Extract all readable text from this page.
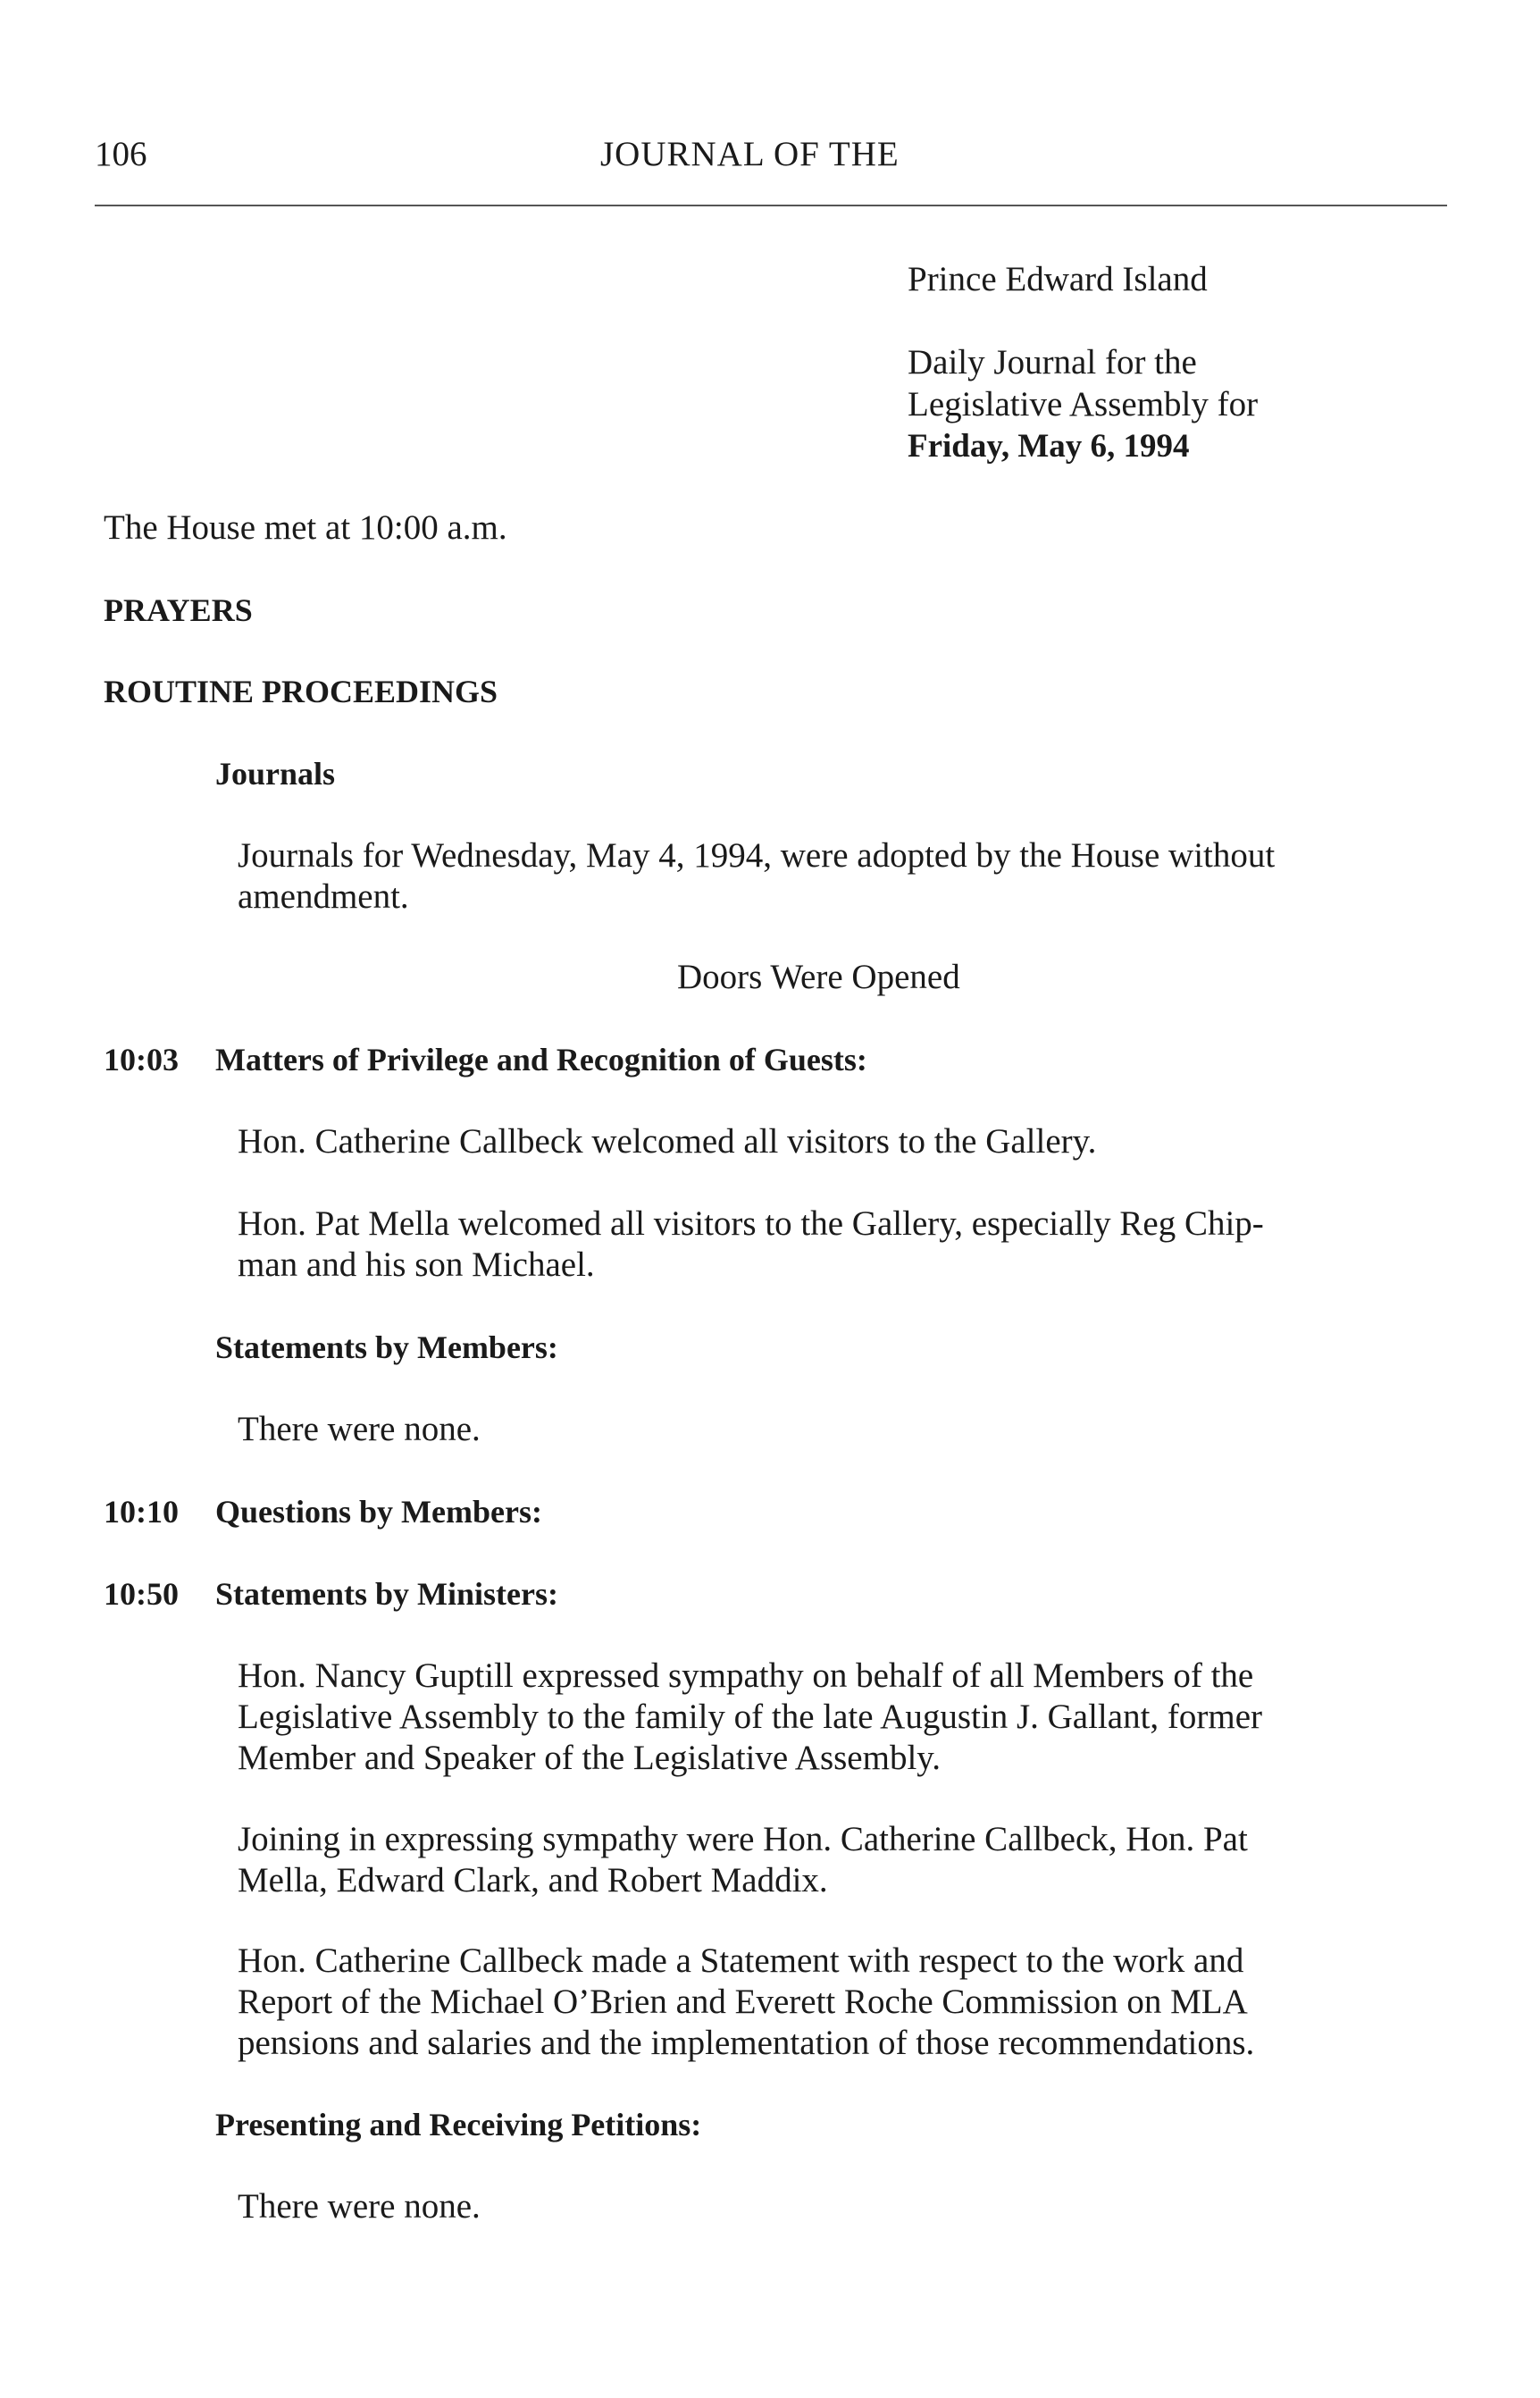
106	JOURNAL OF THE
Prince Edward Island
Daily Journal for the
Legislative Assembly for
Friday, May 6, 1994
The House met at 10:00 a.m.
PRAYERS
ROUTINE PROCEEDINGS
Journals
Journals for Wednesday, May 4, 1994, were adopted by the House without
amendment.
Doors Were Opened
10:03 Matters of Privilege and Recognition of Guests:
Hon. Catherine Callbeck welcomed all visitors to the Gallery.
Hon. Pat Mella welcomed all visitors to the Gallery, especially Reg Chip-
man and his son Michael.
Statements by Members:
There were none.
10:10 Questions by Members:
10:50 Statements by Ministers:
Hon. Nancy Guptill expressed sympathy on behalf of all Members of the
Legislative Assembly to the family of the late Augustin J. Gallant, former
Member and Speaker of the Legislative Assembly.
Joining in expressing sympathy were Hon. Catherine Callbeck, Hon. Pat
Mella, Edward Clark, and Robert Maddix.
Hon. Catherine Callbeck made a Statement with respect to the work and
Report of the Michael O’Brien and Everett Roche Commission on MLA
pensions and salaries and the implementation of those recommendations.
Presenting and Receiving Petitions:
There were none.
